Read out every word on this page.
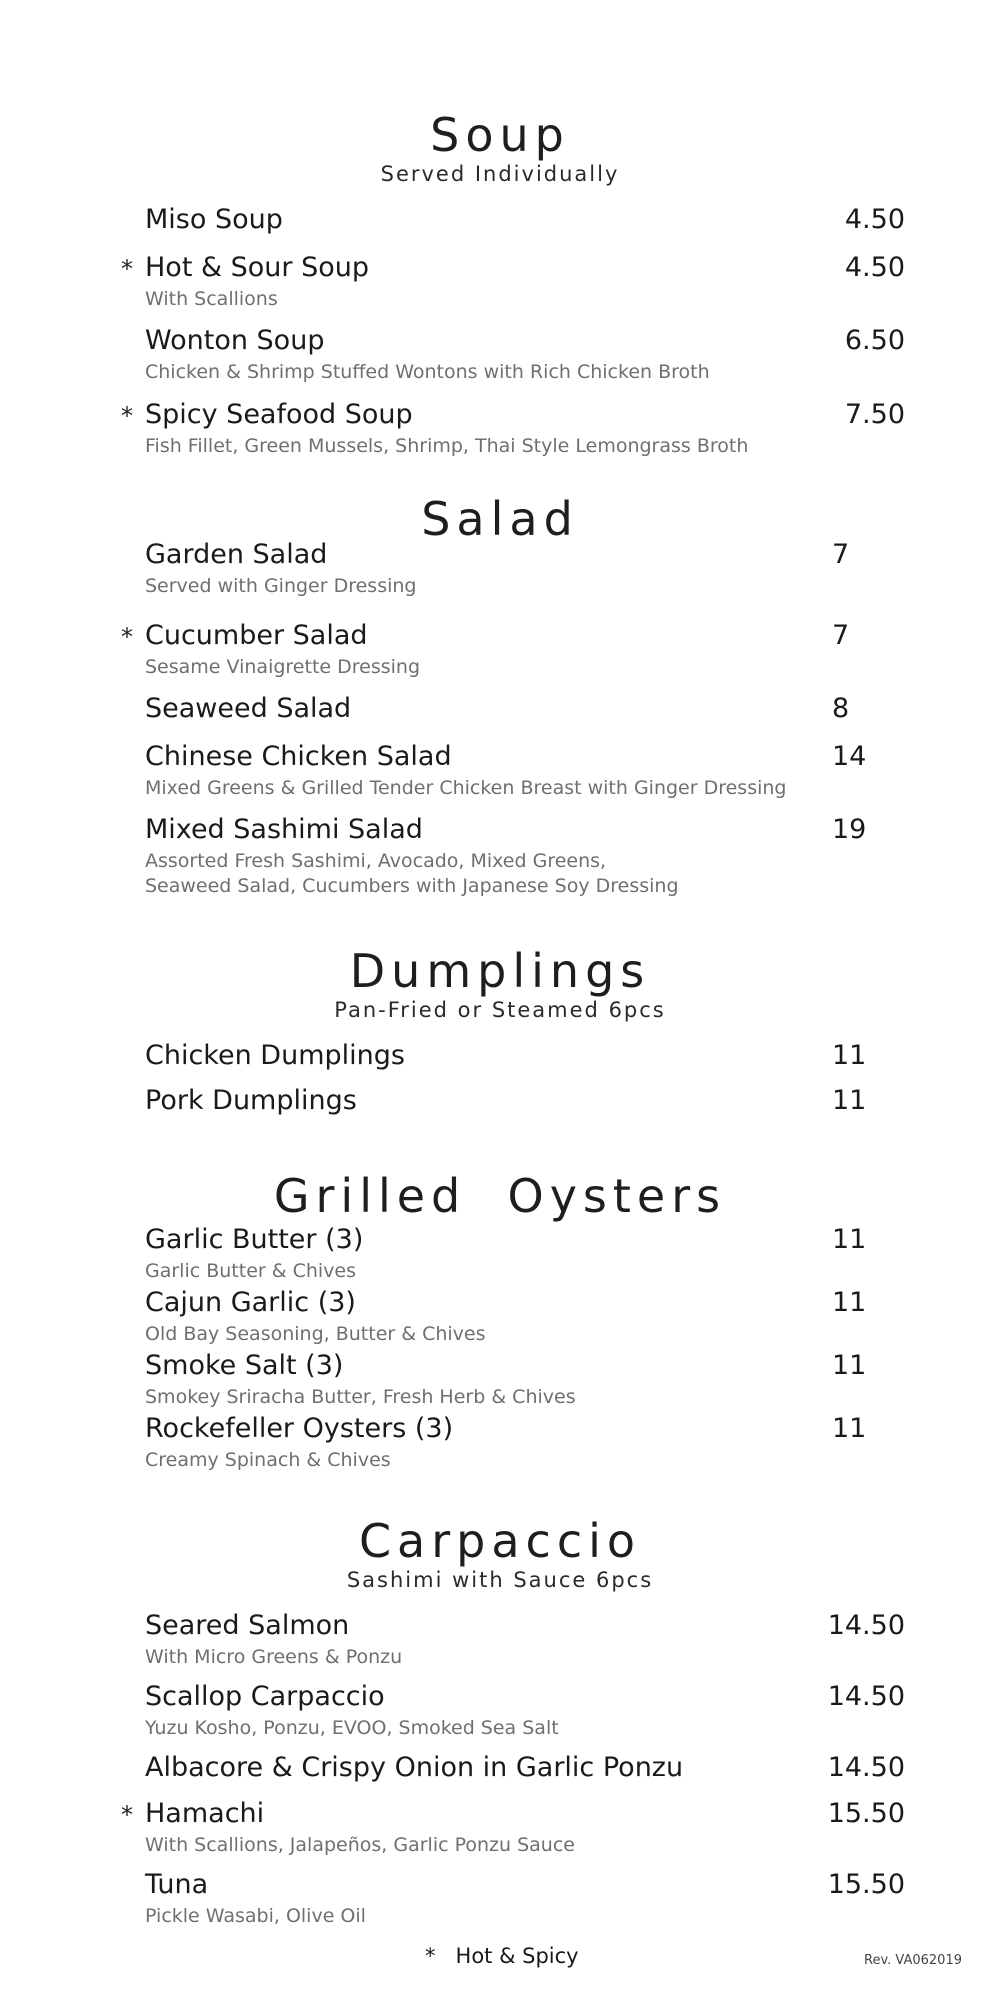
Soup
Served Individually
Miso Soup	4.50
* Hot & Sour Soup
With Scallions
4.50
Wonton Soup
Chicken & Shrimp Stuffed Wontons with Rich Chicken Broth
6.50
* Spicy Seafood Soup
Fish Fillet, Green Mussels, Shrimp, Thai Style Lemongrass Broth
7.50
Salad
Garden Salad
Served with Ginger Dressing
7
* Cucumber Salad
Sesame Vinaigrette Dressing
7
Seaweed Salad	8
Chinese Chicken Salad
Mixed Greens & Grilled Tender Chicken Breast with Ginger Dressing
14
Mixed Sashimi Salad
Assorted Fresh Sashimi, Avocado, Mixed Greens,
Seaweed Salad, Cucumbers with Japanese Soy Dressing
19
Dumplings
Pan-Fried or Steamed 6pcs
Chicken Dumplings	11
Pork Dumplings	11
Grilled  Oysters
Garlic Butter (3)
Garlic Butter & Chives
11
Cajun Garlic (3)
Old Bay Seasoning, Butter & Chives
11
Smoke Salt (3)
Smokey Sriracha Butter, Fresh Herb & Chives
11
Rockefeller Oysters (3)
Creamy Spinach & Chives
11
Carpaccio
Sashimi with Sauce 6pcs
Seared Salmon
With Micro Greens & Ponzu
14.50
Scallop Carpaccio
Yuzu Kosho, Ponzu, EVOO, Smoked Sea Salt
14.50
Albacore & Crispy Onion in Garlic Ponzu	14.50
* Hamachi
With Scallions, Jalapeños, Garlic Ponzu Sauce
15.50
Tuna
Pickle Wasabi, Olive Oil
15.50
*   Hot & Spicy	Rev. VA062019
